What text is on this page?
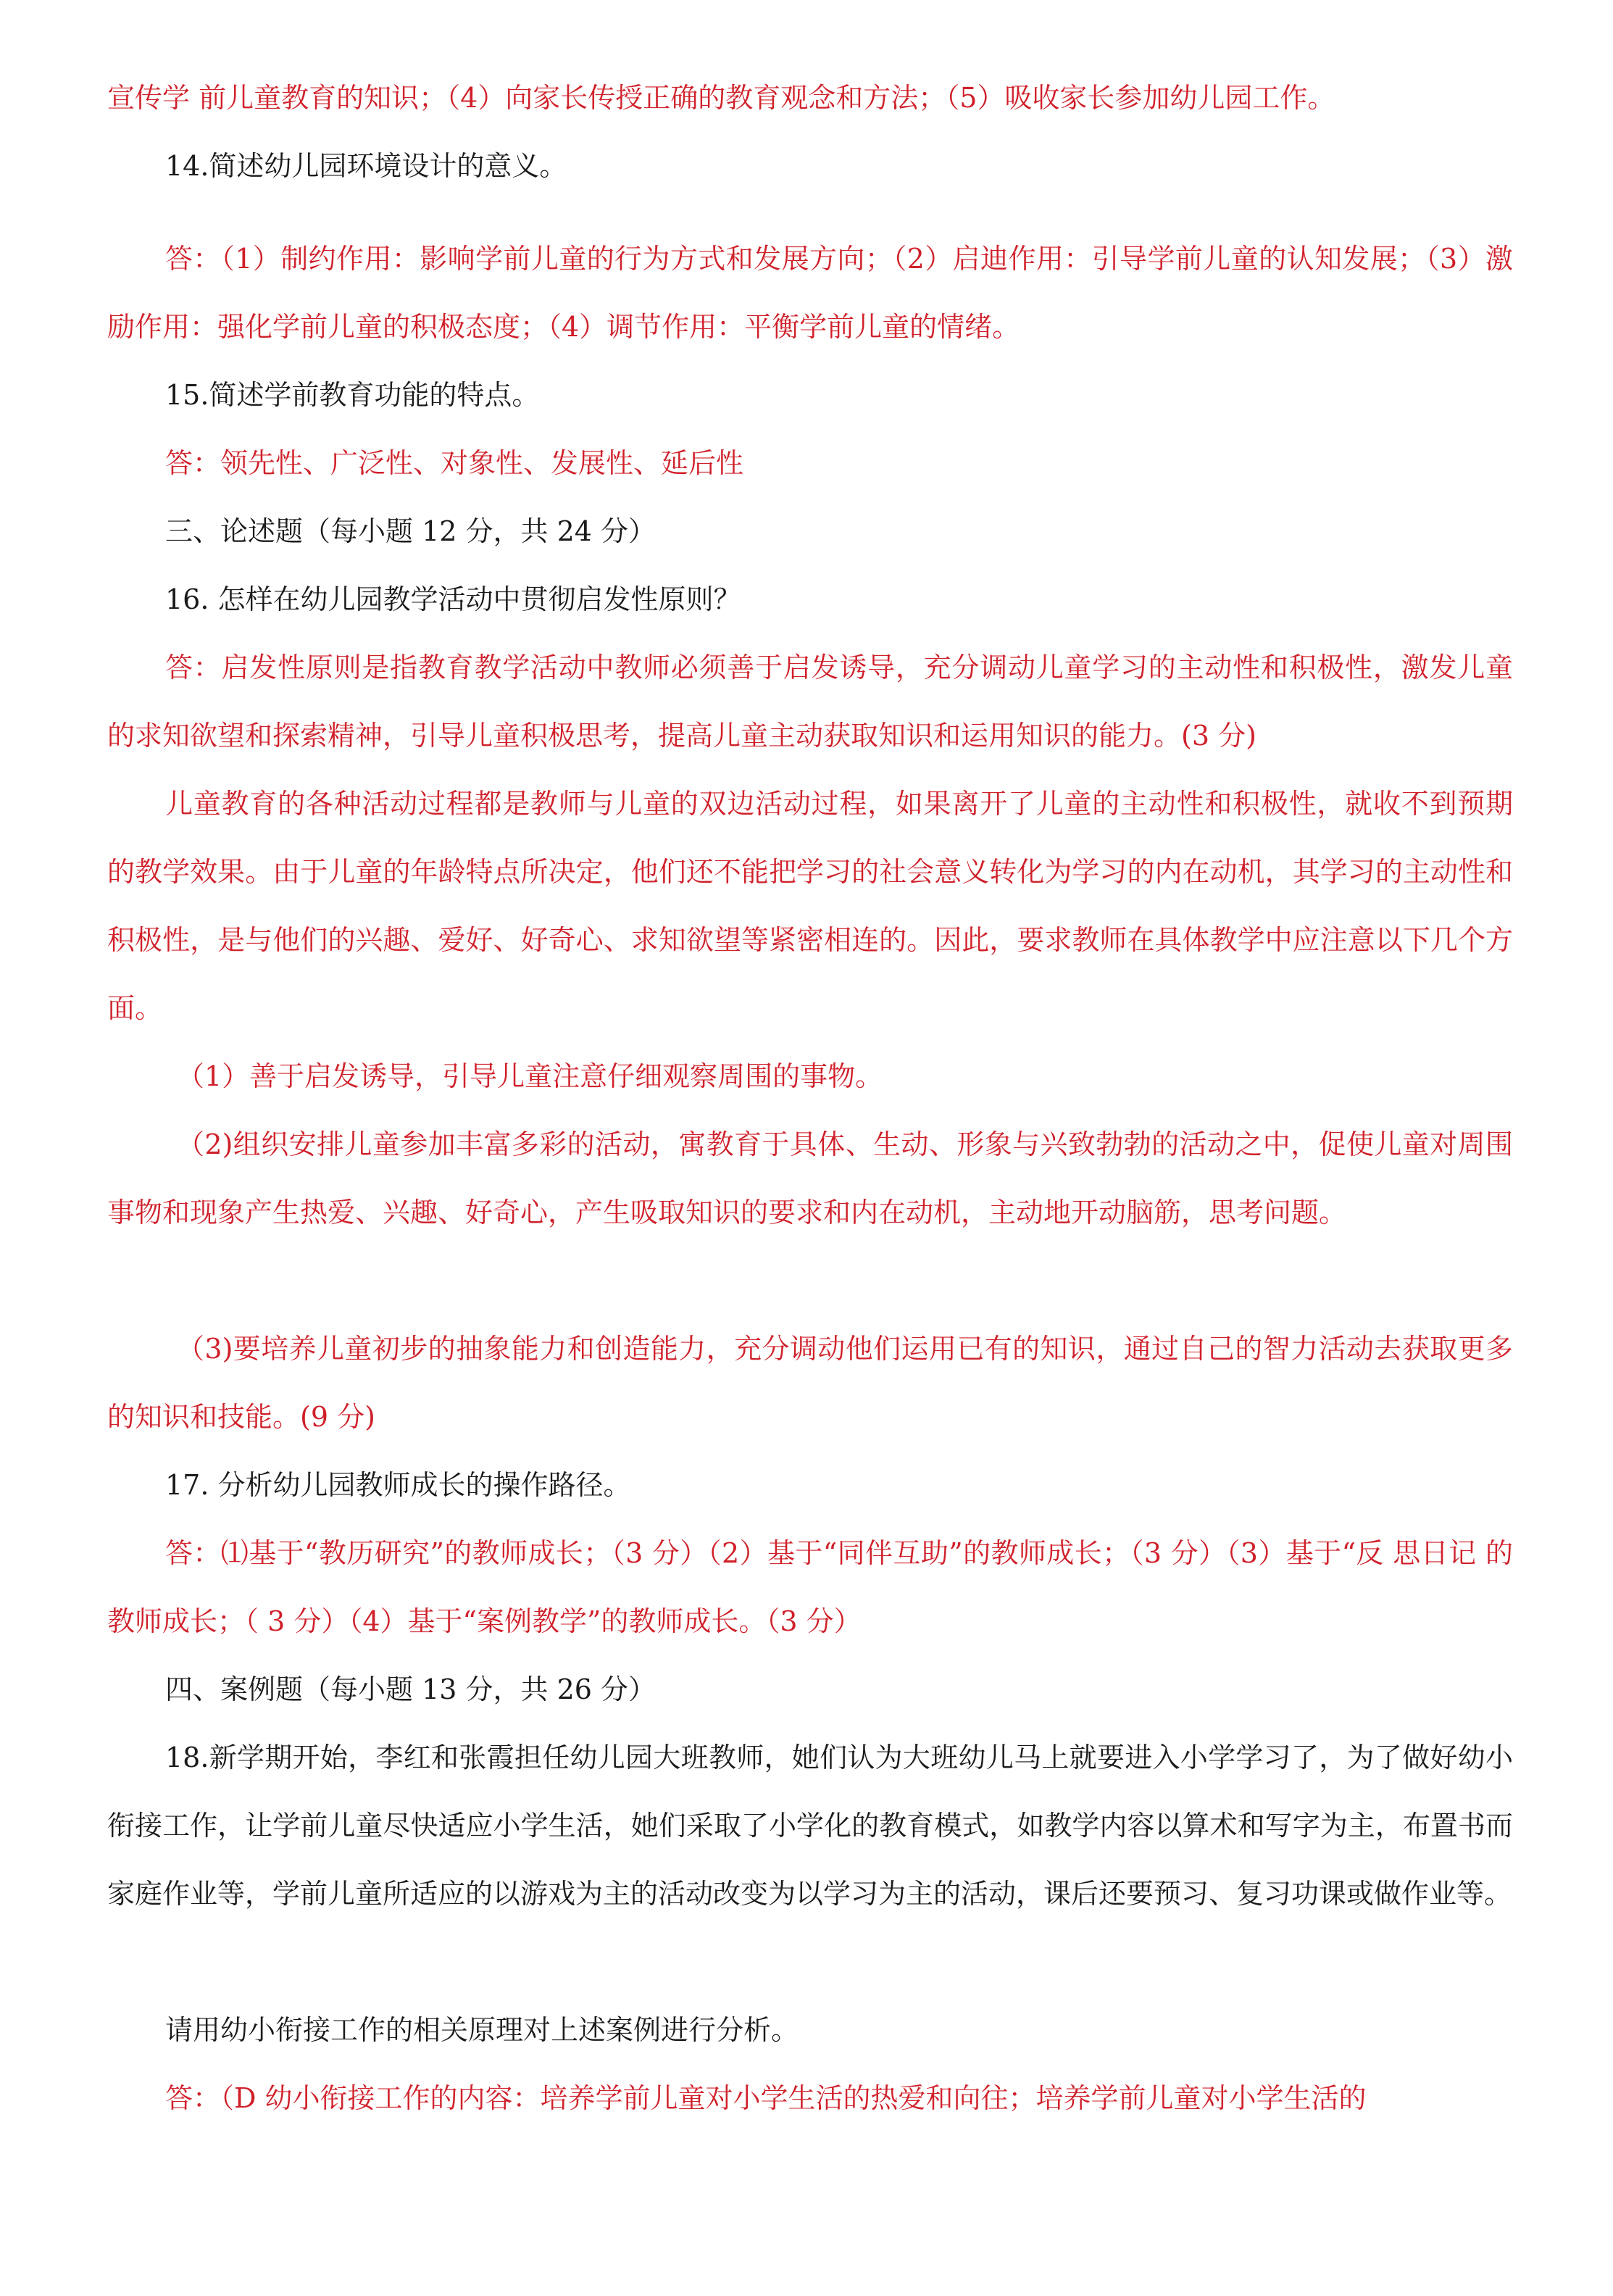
宣传学 前儿童教育的知识；（4）向家长传授正确的教育观念和方法；（5）吸收家长参加幼儿园工作。

14.简述幼儿园环境设计的意义。

答：（1）制约作用：影响学前儿童的行为方式和发展方向；（2）启迪作用：引导学前儿童的认知发展；（3）激励作用：强化学前儿童的积极态度；（4）调节作用：平衡学前儿童的情绪。

15.简述学前教育功能的特点。

答：领先性、广泛性、对象性、发展性、延后性

三、论述题（每小题 12 分，共 24 分）

16. 怎样在幼儿园教学活动中贯彻启发性原则？

答：启发性原则是指教育教学活动中教师必须善于启发诱导，充分调动儿童学习的主动性和积极性，激发儿童的求知欲望和探索精神，引导儿童积极思考，提高儿童主动获取知识和运用知识的能力。(3 分)

儿童教育的各种活动过程都是教师与儿童的双边活动过程，如果离开了儿童的主动性和积极性，就收不到预期的教学效果。由于儿童的年龄特点所决定，他们还不能把学习的社会意义转化为学习的内在动机，其学习的主动性和积极性，是与他们的兴趣、爱好、好奇心、求知欲望等紧密相连的。因此，要求教师在具体教学中应注意以下几个方面。

（1）善于启发诱导，引导儿童注意仔细观察周围的事物。

（2)组织安排儿童参加丰富多彩的活动，寓教育于具体、生动、形象与兴致勃勃的活动之中，促使儿童对周围事物和现象产生热爱、兴趣、好奇心，产生吸取知识的要求和内在动机，主动地开动脑筋，思考问题。

（3)要培养儿童初步的抽象能力和创造能力，充分调动他们运用已有的知识，通过自己的智力活动去获取更多的知识和技能。(9 分)

17. 分析幼儿园教师成长的操作路径。

答：⑴基于“教历研究”的教师成长；（3 分）（2）基于“同伴互助”的教师成长；（3 分）（3）基于“反 思日记 的教师成长；（ 3 分）（4）基于“案例教学”的教师成长。（3 分）

四、案例题（每小题 13 分，共 26 分）

18.新学期开始，李红和张霞担任幼儿园大班教师，她们认为大班幼儿马上就要进入小学学习了，为了做好幼小衔接工作，让学前儿童尽快适应小学生活，她们采取了小学化的教育模式，如教学内容以算术和写字为主，布置书而家庭作业等，学前儿童所适应的以游戏为主的活动改变为以学习为主的活动，课后还要预习、复习功课或做作业等。

请用幼小衔接工作的相关原理对上述案例进行分析。

答：（D 幼小衔接工作的内容：培养学前儿童对小学生活的热爱和向往；培养学前儿童对小学生活的
